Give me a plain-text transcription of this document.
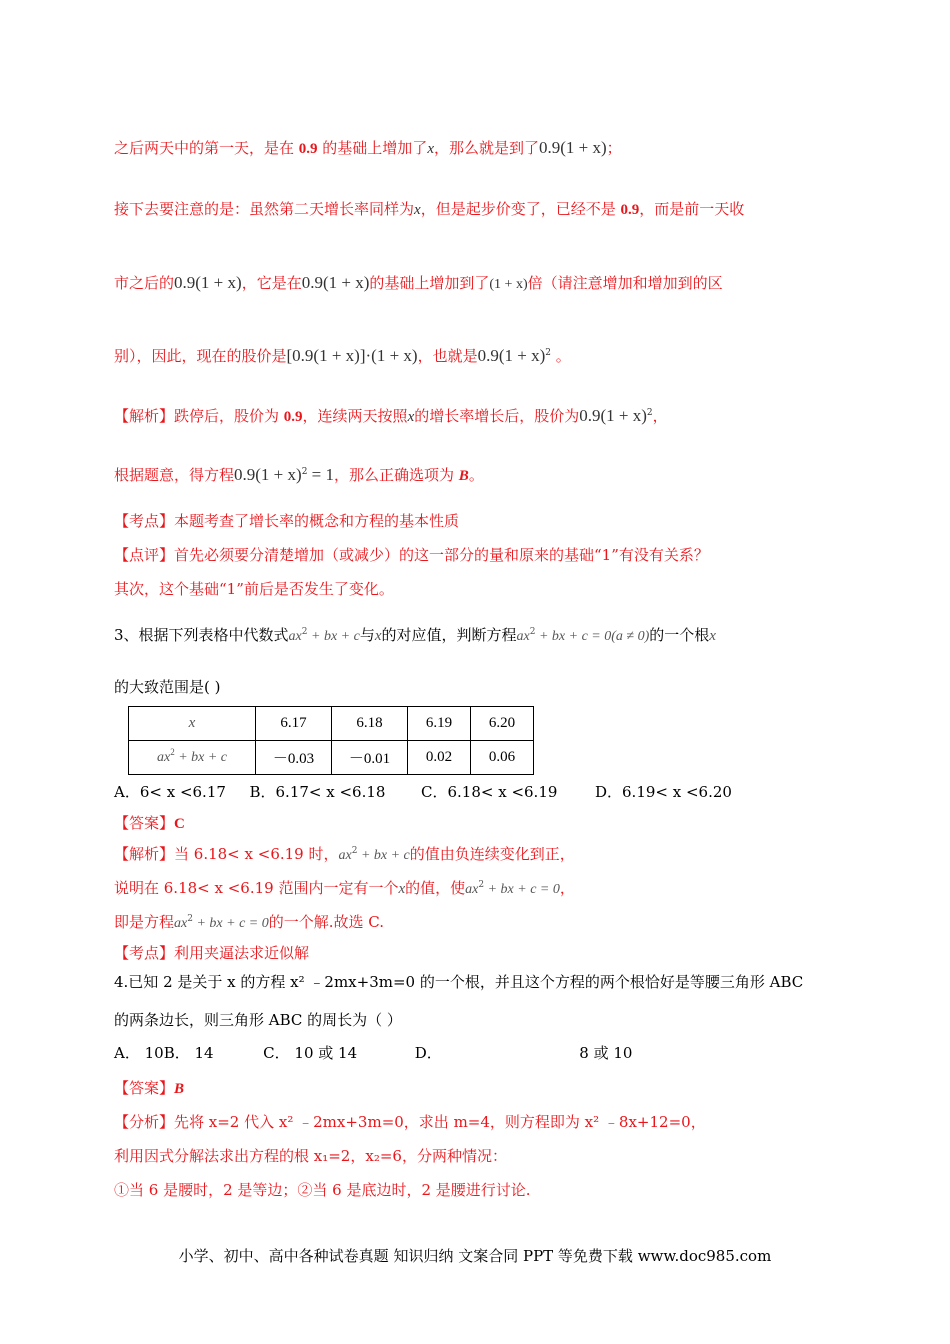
之后两天中的第一天，是在 0.9 的基础上增加了x，那么就是到了0.9(1 + x)；
接下去要注意的是：虽然第二天增长率同样为x，但是起步价变了，已经不是 0.9，而是前一天收
市之后的0.9(1 + x)，它是在0.9(1 + x)的基础上增加到了(1 + x)倍（请注意增加和增加到的区
别），因此，现在的股价是[0.9(1 + x)]·(1 + x)，也就是$0.9(1 + x)^2$ 。
【解析】跌停后，股价为 0.9，连续两天按照x的增长率增长后，股价为$0.9(1 + x)^2$，
根据题意，得方程$0.9(1 + x)^2 = 1$，那么正确选项为 B。
【考点】本题考查了增长率的概念和方程的基本性质
【点评】首先必须要分清楚增加（或减少）的这一部分的量和原来的基础“1”有没有关系？
其次，这个基础“1”前后是否发生了变化。
3、根据下列表格中代数式$ax^2$ + bx + c与x的对应值，判断方程$ax^2$ + bx + c = 0(a ≠ 0)的一个根x
的大致范围是( )
x	6.17	6.18	6.19	6.20
$ax^2$ + bx + c	－0.03	－0.01	0.02	0.06
A．6< x <6.17 B．6.17< x <6.18 C．6.18< x <6.19	D．6.19< x <6.20
【答案】C
【解析】当 6.18< x <6.19 时，$ax^2$ + bx + c的值由负连续变化到正，
说明在 6.18< x <6.19 范围内一定有一个x的值，使$ax^2$ + bx + c = 0，
即是方程$ax^2$ + bx + c = 0的一个解.故选 C.
【考点】利用夹逼法求近似解
4.已知 2 是关于 x 的方程 x² ﹣2mx+3m=0 的一个根，并且这个方程的两个根恰好是等腰三角形 ABC
的两条边长，则三角形 ABC 的周长为（ ）
A． 10B． 14	C． 10 或 14	D．	8 或 10
【答案】B
【分析】先将 x=2 代入 x² ﹣2mx+3m=0，求出 m=4，则方程即为 x² ﹣8x+12=0，
利用因式分解法求出方程的根 x₁=2，x₂=6，分两种情况：
①当 6 是腰时，2 是等边；②当 6 是底边时，2 是腰进行讨论.
小学、初中、高中各种试卷真题 知识归纳 文案合同 PPT 等免费下载 www.doc985.com
